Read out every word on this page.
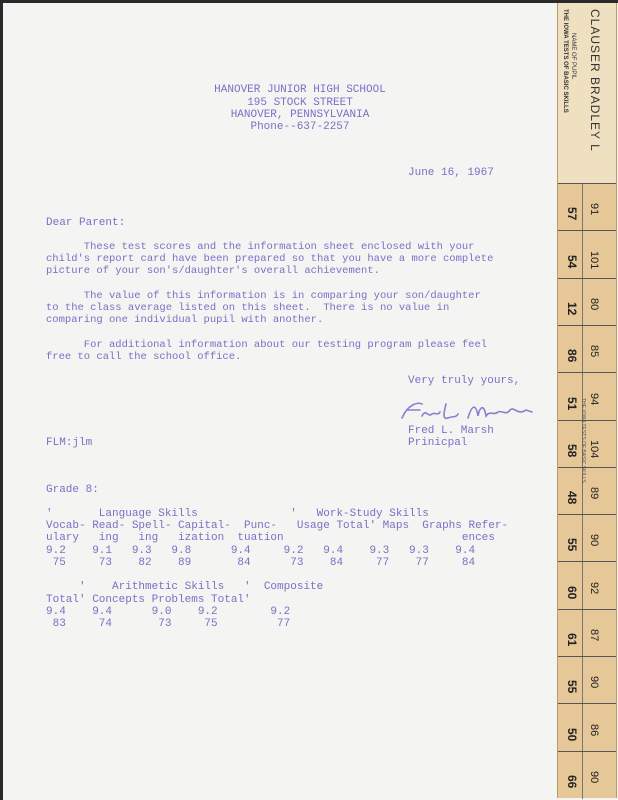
HANOVER JUNIOR HIGH SCHOOL
195 STOCK STREET
HANOVER, PENNSYLVANIA
Phone--637-2257
June 16, 1967
Dear Parent:
These test scores and the information sheet enclosed with your
child's report card have been prepared so that you have a more complete
picture of your son's/daughter's overall achievement.
The value of this information is in comparing your son/daughter
to the class average listed on this sheet.  There is no value in
comparing one individual pupil with another.
For additional information about our testing program please feel
free to call the school office.
Very truly yours,
Fred L. Marsh
Prinicpal
FLM:jlm
Grade 8:
'       Language Skills              '   Work-Study Skills
Vocab- Read- Spell- Capital-  Punc-   Usage Total' Maps  Graphs Refer-
ulary   ing   ing   ization  tuation                           ences
9.2    9.1   9.3   9.8      9.4     9.2   9.4    9.3   9.3    9.4
75     73    82    89       84      73    84     77    77     84
'    Arithmetic Skills   '  Composite
Total' Concepts Problems Total'
9.4    9.4      9.0    9.2        9.2
83     74       73     75         77
THE IOWA TESTS OF BASIC SKILLS NAME OF PUPIL CLAUSER BRADLEY L
57 91
54 101
12 80
86 85
51 94
58 104
48 89
55 90
60 92
61 87
55 90
50 86
66 90
THE IOWA TESTS OF BASIC SKILLS
